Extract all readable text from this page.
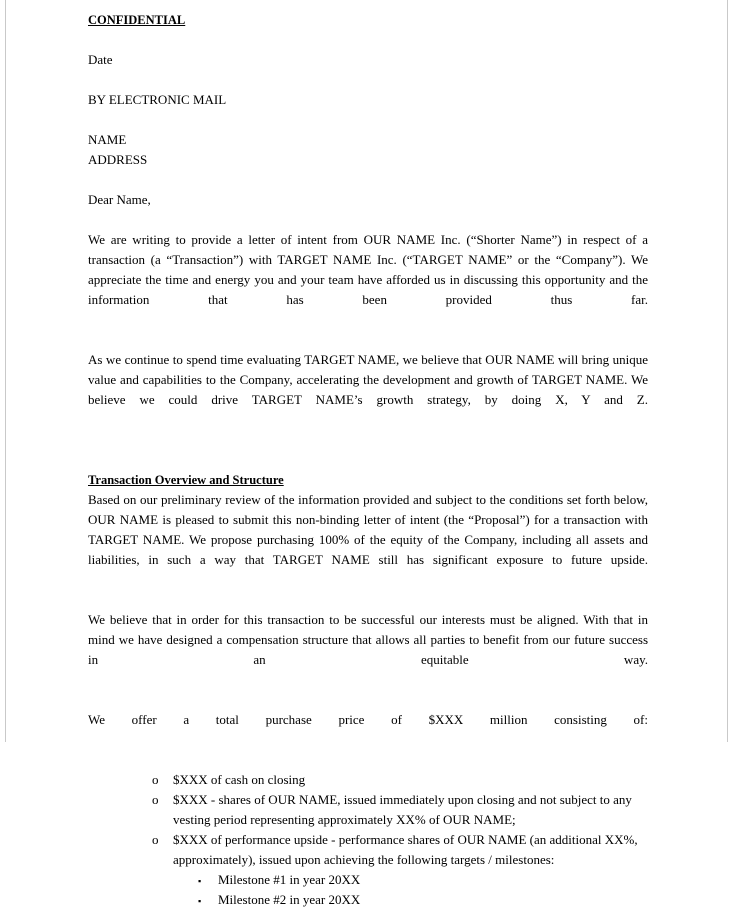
CONFIDENTIAL

Date

BY ELECTRONIC MAIL

NAME

ADDRESS

Dear Name,

We are writing to provide a letter of intent from OUR NAME Inc. (“Shorter Name”) in respect of a transaction (a “Transaction”) with TARGET NAME Inc. (“TARGET NAME” or the “Company”). We appreciate the time and energy you and your team have afforded us in discussing this opportunity and the information that has been provided thus far.

As we continue to spend time evaluating TARGET NAME, we believe that OUR NAME will bring unique value and capabilities to the Company, accelerating the development and growth of TARGET NAME. We believe we could drive TARGET NAME’s growth strategy, by doing X, Y and Z.

Transaction Overview and Structure

Based on our preliminary review of the information provided and subject to the conditions set forth below, OUR NAME is pleased to submit this non-binding letter of intent (the “Proposal”) for a transaction with TARGET NAME. We propose purchasing 100% of the equity of the Company, including all assets and liabilities, in such a way that TARGET NAME still has significant exposure to future upside.

We believe that in order for this transaction to be successful our interests must be aligned. With that in mind we have designed a compensation structure that allows all parties to benefit from our future success in an equitable way.

We offer a total purchase price of $XXX million consisting of:

o $XXX of cash on closing
o $XXX - shares of OUR NAME, issued immediately upon closing and not subject to any vesting period representing approximately XX% of OUR NAME;
o $XXX of performance upside - performance shares of OUR NAME (an additional XX%, approximately), issued upon achieving the following targets / milestones:
▪ Milestone #1 in year 20XX
▪ Milestone #2 in year 20XX
